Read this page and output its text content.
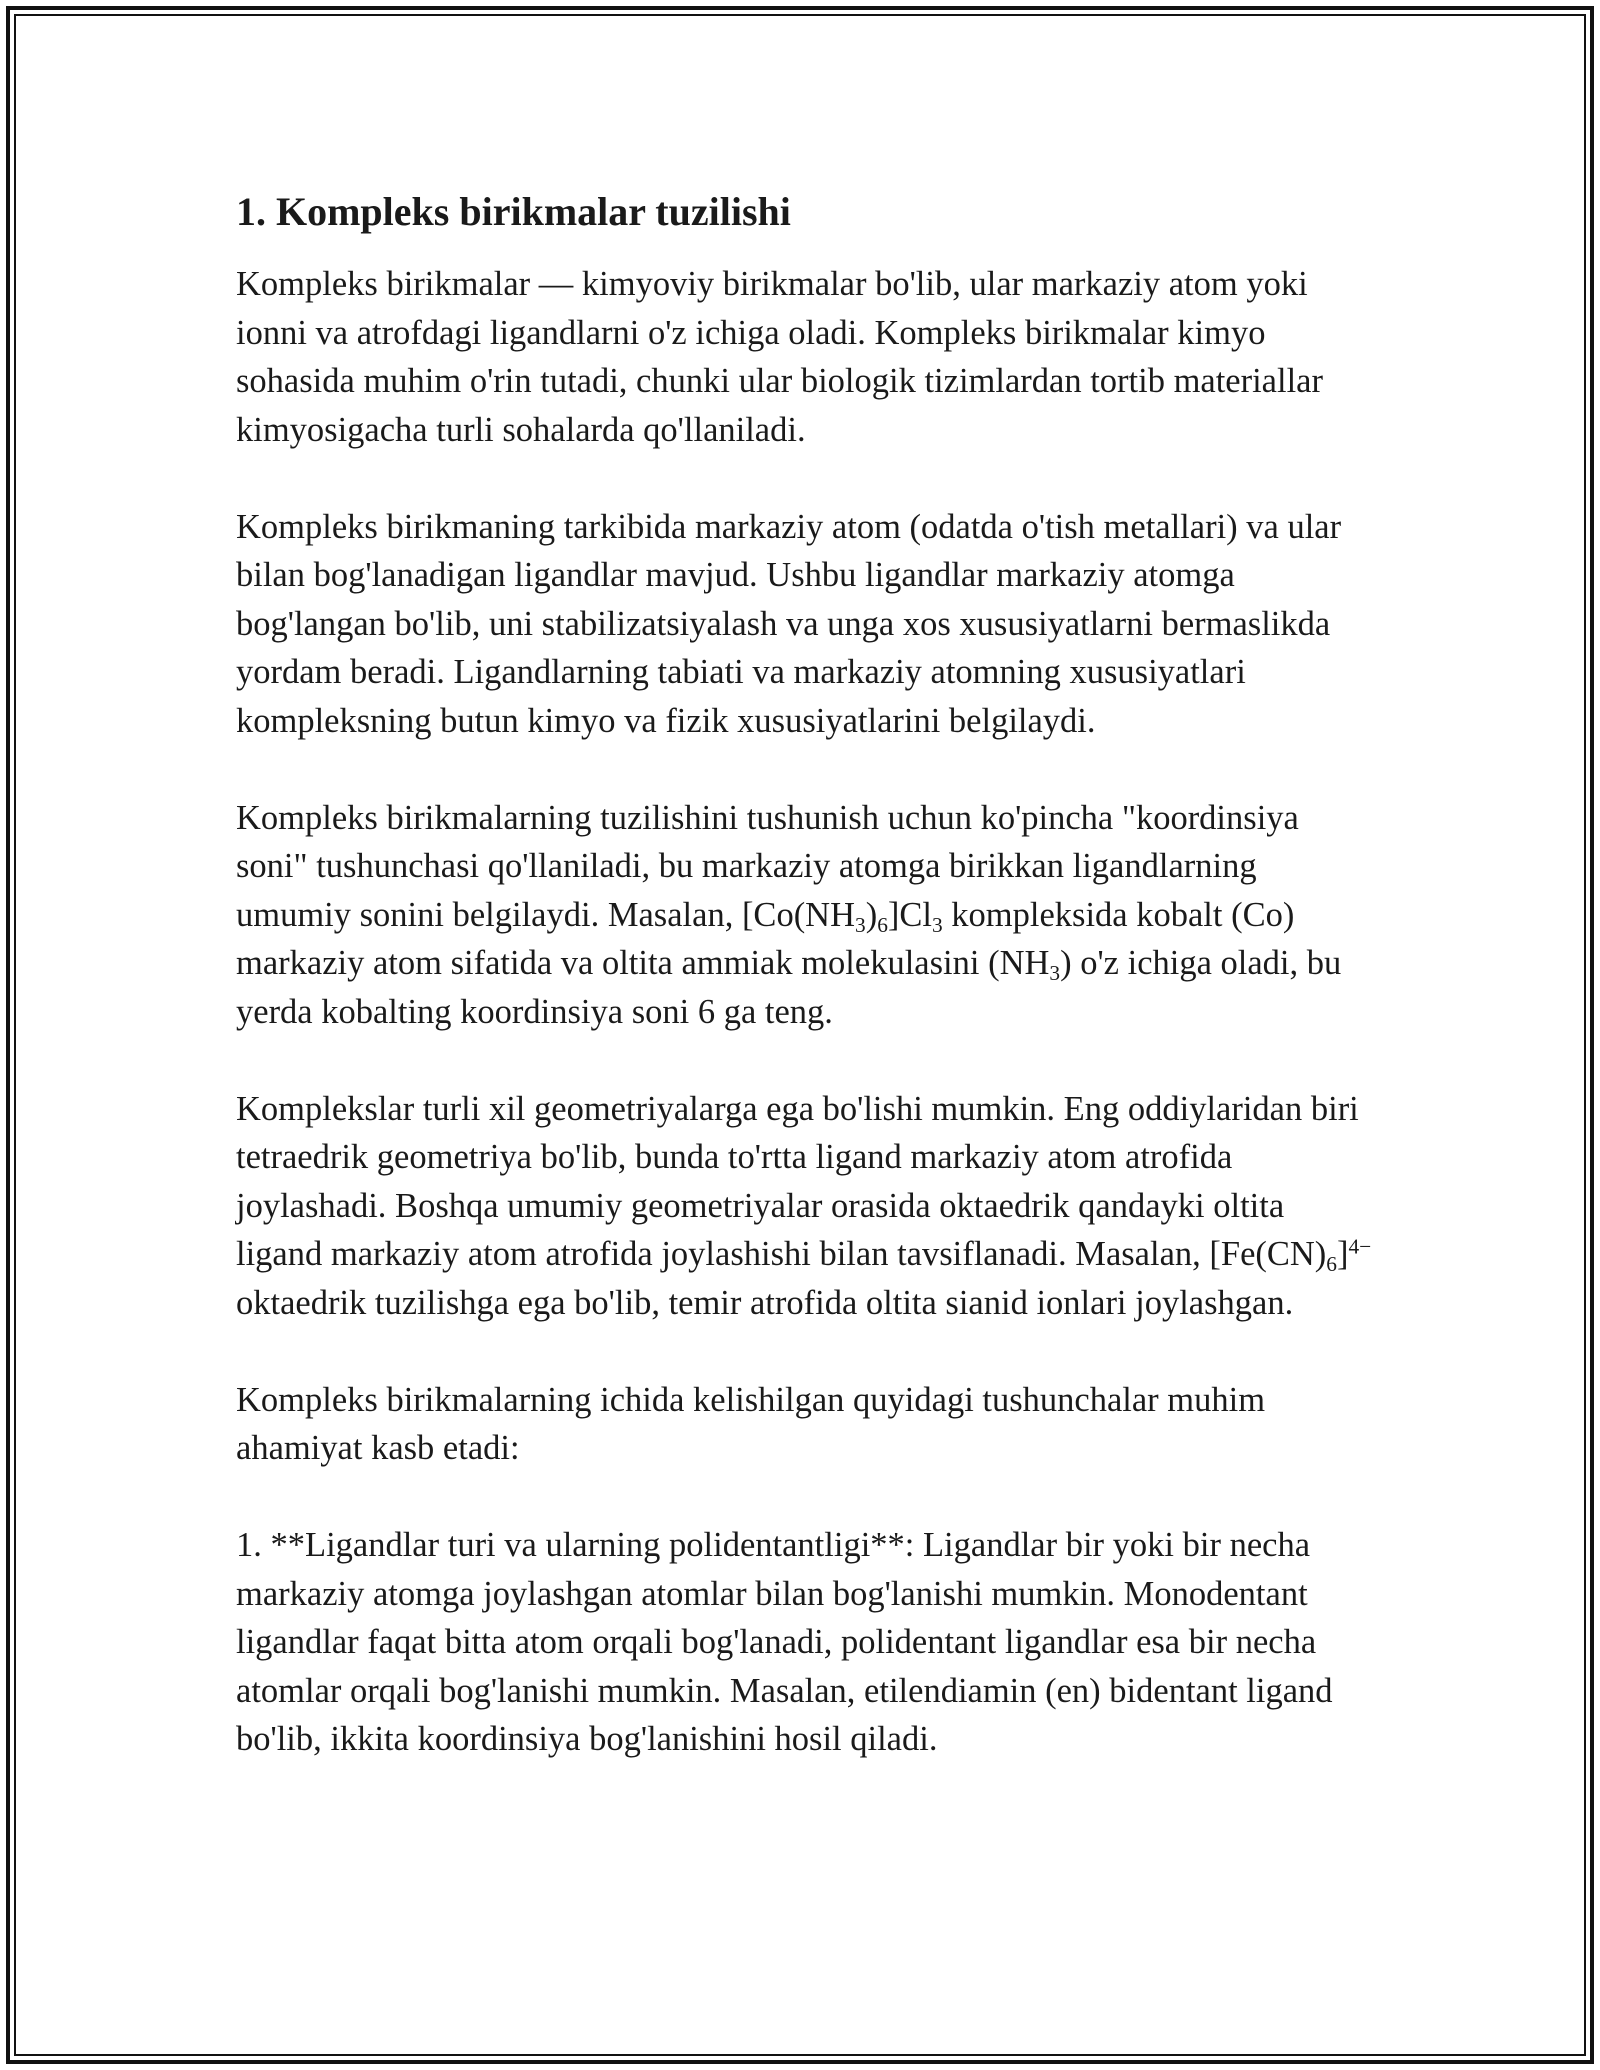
1. Kompleks birikmalar tuzilishi

Kompleks birikmalar — kimyoviy birikmalar bo'lib, ular markaziy atom yoki ionni va atrofdagi ligandlarni o'z ichiga oladi. Kompleks birikmalar kimyo sohasida muhim o'rin tutadi, chunki ular biologik tizimlardan tortib materiallar kimyosigacha turli sohalarda qo'llaniladi.

Kompleks birikmaning tarkibida markaziy atom (odatda o'tish metallari) va ular bilan bog'lanadigan ligandlar mavjud. Ushbu ligandlar markaziy atomga bog'langan bo'lib, uni stabilizatsiyalash va unga xos xususiyatlarni bermaslikda yordam beradi. Ligandlarning tabiati va markaziy atomning xususiyatlari kompleksning butun kimyo va fizik xususiyatlarini belgilaydi.

Kompleks birikmalarning tuzilishini tushunish uchun ko'pincha "koordinsiya soni" tushunchasi qo'llaniladi, bu markaziy atomga birikkan ligandlarning umumiy sonini belgilaydi. Masalan, $[Co(NH_3)_6]Cl_3$ kompleksida kobalt (Co) markaziy atom sifatida va oltita ammiak molekulasini $(NH_3)$ o'z ichiga oladi, bu yerda kobalting koordinsiya soni 6 ga teng.

Komplekslar turli xil geometriyalarga ega bo'lishi mumkin. Eng oddiylaridan biri tetraedrik geometriya bo'lib, bunda to'rtta ligand markaziy atom atrofida joylashadi. Boshqa umumiy geometriyalar orasida oktaedrik qandayki oltita ligand markaziy atom atrofida joylashishi bilan tavsiflanadi. Masalan, $[Fe(CN)_6]^{4-}$ oktaedrik tuzilishga ega bo'lib, temir atrofida oltita sianid ionlari joylashgan.

Kompleks birikmalarning ichida kelishilgan quyidagi tushunchalar muhim ahamiyat kasb etadi:

1. **Ligandlar turi va ularning polidentantligi**: Ligandlar bir yoki bir necha markaziy atomga joylashgan atomlar bilan bog'lanishi mumkin. Monodentant ligandlar faqat bitta atom orqali bog'lanadi, polidentant ligandlar esa bir necha atomlar orqali bog'lanishi mumkin. Masalan, etilendiamin (en) bidentant ligand bo'lib, ikkita koordinsiya bog'lanishini hosil qiladi.
